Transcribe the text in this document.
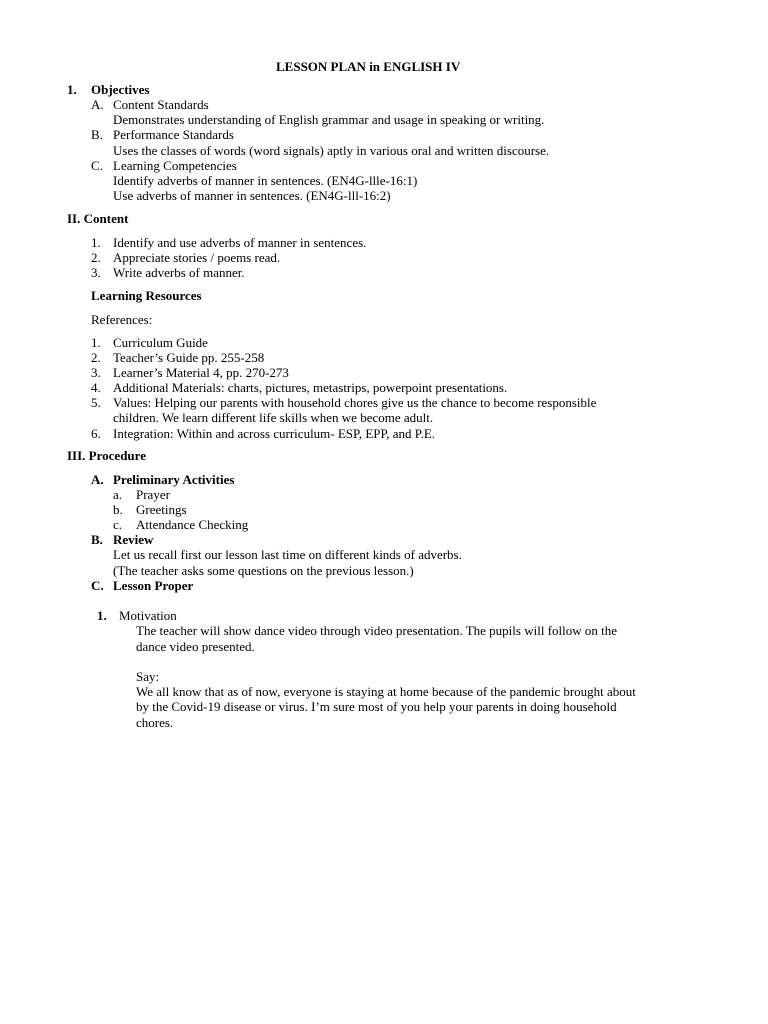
LESSON PLAN in ENGLISH IV
1. Objectives
A. Content Standards
Demonstrates understanding of English grammar and usage in speaking or writing.
B. Performance Standards
Uses the classes of words (word signals) aptly in various oral and written discourse.
C. Learning Competencies
Identify adverbs of manner in sentences. (EN4G-llle-16:1)
Use adverbs of manner in sentences. (EN4G-lll-16:2)
II. Content
1. Identify and use adverbs of manner in sentences.
2. Appreciate stories / poems read.
3. Write adverbs of manner.
Learning Resources
References:
1. Curriculum Guide
2. Teacher’s Guide pp. 255-258
3. Learner’s Material 4, pp. 270-273
4. Additional Materials: charts, pictures, metastrips, powerpoint presentations.
5. Values: Helping our parents with household chores give us the chance to become responsible
children. We learn different life skills when we become adult.
6. Integration: Within and across curriculum- ESP, EPP, and P.E.
III. Procedure
A. Preliminary Activities
a. Prayer
b. Greetings
c. Attendance Checking
B. Review
Let us recall first our lesson last time on different kinds of adverbs.
(The teacher asks some questions on the previous lesson.)
C. Lesson Proper
1. Motivation
The teacher will show dance video through video presentation. The pupils will follow on the
dance video presented.
Say:
We all know that as of now, everyone is staying at home because of the pandemic brought about
by the Covid-19 disease or virus. I’m sure most of you help your parents in doing household
chores.
